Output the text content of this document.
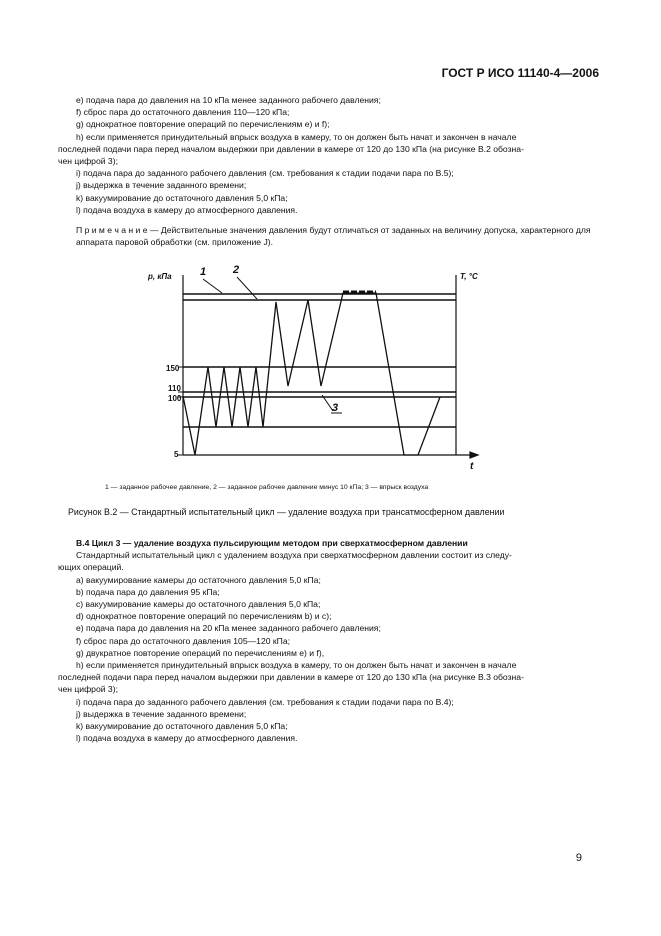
ГОСТ Р ИСО 11140-4—2006
e) подача пара до давления на 10 кПа менее заданного рабочего давления;
f) сброс пара до остаточного давления 110—120 кПа;
g) однократное повторение операций по перечислениям e) и f);
h) если применяется принудительный впрыск воздуха в камеру, то он должен быть начат и закончен в начале
последней подачи пара перед началом выдержки при давлении в камере от 120 до 130 кПа (на рисунке В.2 обозна-
чен цифрой 3);
i) подача пара до заданного рабочего давления (см. требования к стадии подачи пара по В.5);
j) выдержка в течение заданного времени;
k) вакуумирование до остаточного давления 5,0 кПа;
l) подача воздуха в камеру до атмосферного давления.
П р и м е ч а н и е — Действительные значения давления будут отличаться от заданных на величину допуска, характерного для аппарата паровой обработки (см. приложение J).
p, кПа	T, °C
t
150
110
100
5
1 2
3
1 — заданное рабочее давление, 2 — заданное рабочее давление минус 10 кПа; 3 — впрыск воздуха
Рисунок В.2 — Стандартный испытательный цикл — удаление воздуха при трансатмосферном давлении
В.4 Цикл 3 — удаление воздуха пульсирующим методом при сверхатмосферном давлении
Стандартный испытательный цикл с удалением воздуха при сверхатмосферном давлении состоит из следу-
ющих операций.
a) вакуумирование камеры до остаточного давления 5,0 кПа;
b) подача пара до давления 95 кПа;
c) вакуумирование камеры до остаточного давления 5,0 кПа;
d) однократное повторение операций по перечислениям b) и c);
e) подача пара до давления на 20 кПа менее заданного рабочего давления;
f) сброс пара до остаточного давления 105—120 кПа;
g) двукратное повторение операций по перечислениям e) и f),
h) если применяется принудительный впрыск воздуха в камеру, то он должен быть начат и закончен в начале
последней подачи пара перед началом выдержки при давлении в камере от 120 до 130 кПа (на рисунке В.3 обозна-
чен цифрой 3);
i) подача пара до заданного рабочего давления (см. требования к стадии подачи пара по В.4);
j) выдержка в течение заданного времени;
k) вакуумирование до остаточного давления 5,0 кПа;
l) подача воздуха в камеру до атмосферного давления.
9
